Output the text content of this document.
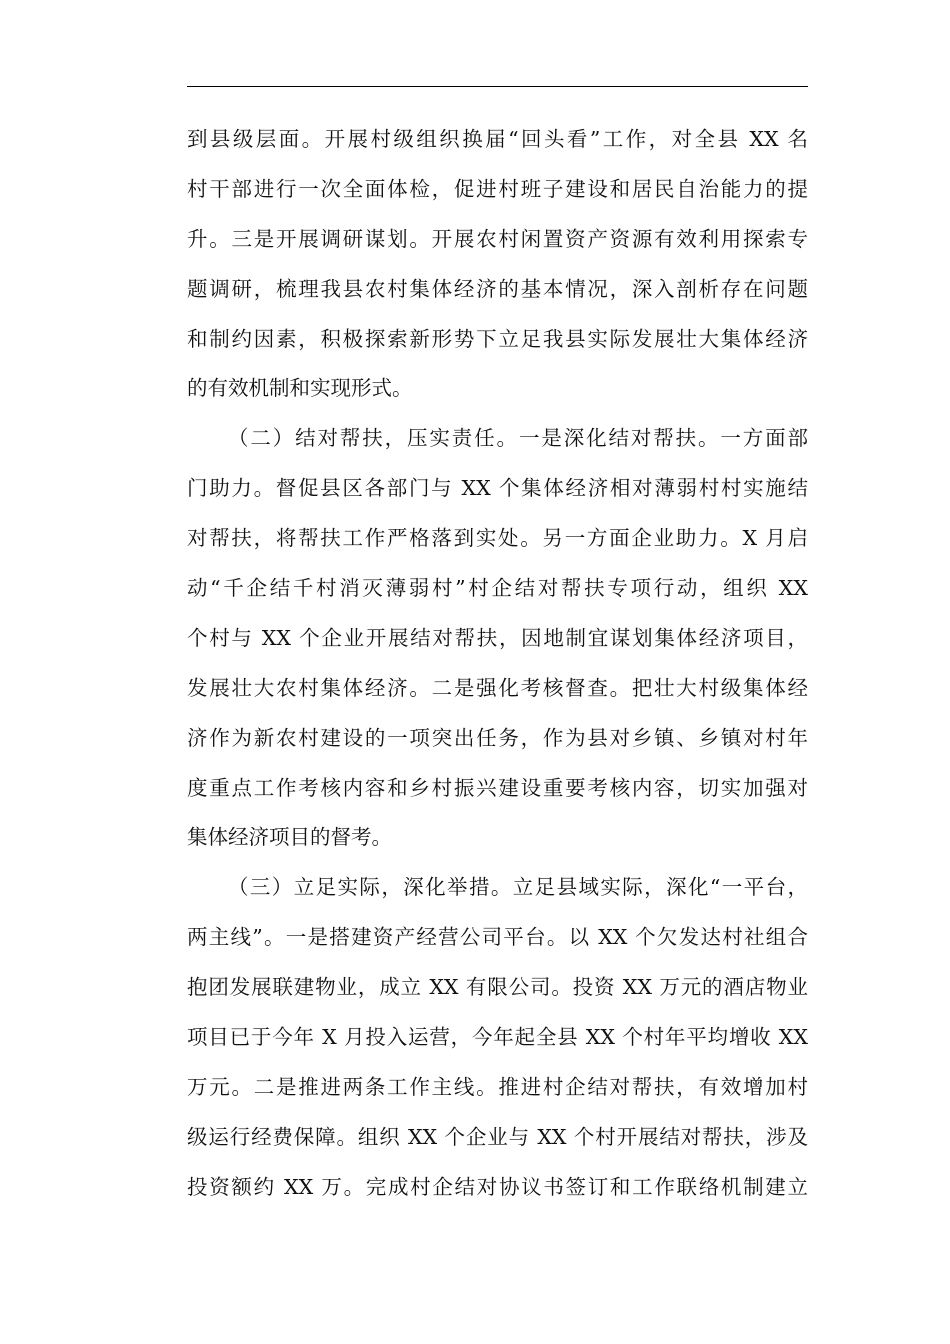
到县级层面。开展村级组织换届“回头看”工作，对全县 XX 名
村干部进行一次全面体检，促进村班子建设和居民自治能力的提
升。三是开展调研谋划。开展农村闲置资产资源有效利用探索专
题调研，梳理我县农村集体经济的基本情况，深入剖析存在问题
和制约因素，积极探索新形势下立足我县实际发展壮大集体经济
的有效机制和实现形式。
（二）结对帮扶，压实责任。一是深化结对帮扶。一方面部
门助力。督促县区各部门与 XX 个集体经济相对薄弱村村实施结
对帮扶，将帮扶工作严格落到实处。另一方面企业助力。X 月启
动“千企结千村消灭薄弱村”村企结对帮扶专项行动，组织 XX
个村与 XX 个企业开展结对帮扶，因地制宜谋划集体经济项目，
发展壮大农村集体经济。二是强化考核督查。把壮大村级集体经
济作为新农村建设的一项突出任务，作为县对乡镇、乡镇对村年
度重点工作考核内容和乡村振兴建设重要考核内容，切实加强对
集体经济项目的督考。
（三）立足实际，深化举措。立足县域实际，深化“一平台，
两主线”。一是搭建资产经营公司平台。以 XX 个欠发达村社组合
抱团发展联建物业，成立 XX 有限公司。投资 XX 万元的酒店物业
项目已于今年 X 月投入运营，今年起全县 XX 个村年平均增收 XX
万元。二是推进两条工作主线。推进村企结对帮扶，有效增加村
级运行经费保障。组织 XX 个企业与 XX 个村开展结对帮扶，涉及
投资额约 XX 万。完成村企结对协议书签订和工作联络机制建立
